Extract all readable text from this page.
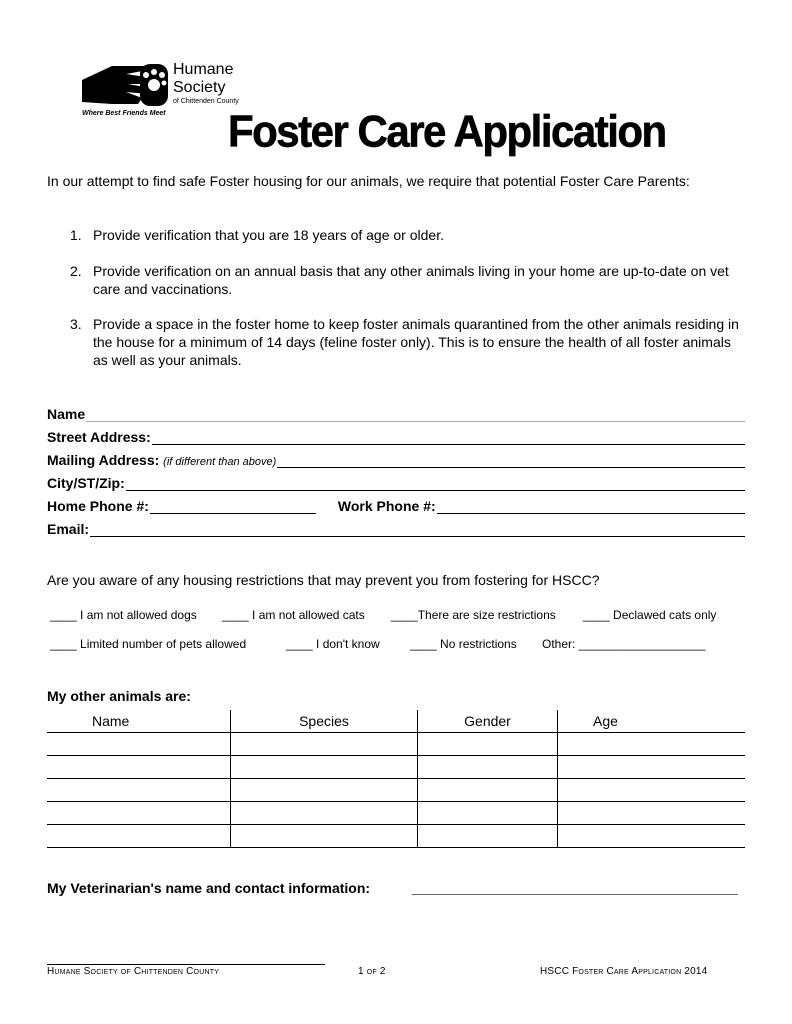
Humane
Society
of Chittenden County
Where Best Friends Meet Foster Care Application
In our attempt to find safe Foster housing for our animals, we require that potential Foster Care Parents:
1. Provide verification that you are 18 years of age or older.
2. Provide verification on an annual basis that any other animals living in your home are up-to-date on vet care and vaccinations.
3. Provide a space in the foster home to keep foster animals quarantined from the other animals residing in the house for a minimum of 14 days (feline foster only). This is to ensure the health of all foster animals as well as your animals.
Name
Street Address:
Mailing Address:
(if different than above)
City/ST/Zip:
Home Phone #:	Work Phone #:
Email:
Are you aware of any housing restrictions that may prevent you from fostering for HSCC?
____ I am not allowed dogs ____ I am not allowed cats ____There are size restrictions ____ Declawed cats only
____ Limited number of pets allowed	____ I don't know	____ No restrictions Other: ___________________
My other animals are:
Name	Species	Gender	Age

My Veterinarian's name and contact information:
Humane Society of Chittenden County	1 of 2	HSCC Foster Care Application 2014
